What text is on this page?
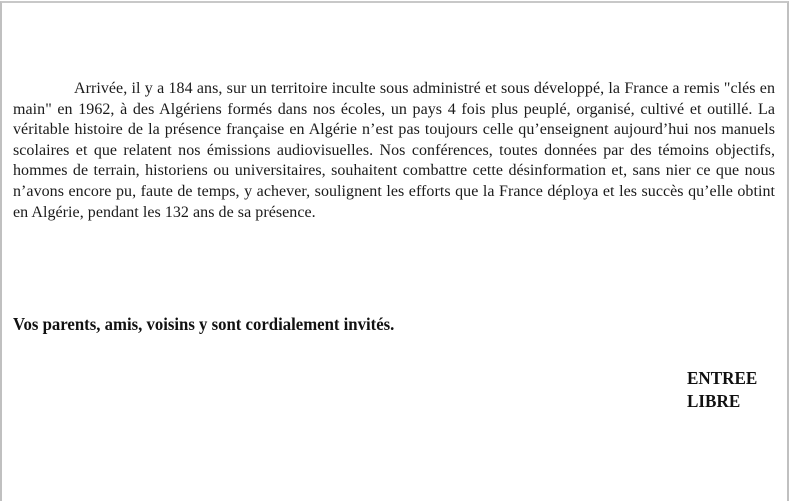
Arrivée, il y a 184 ans, sur un territoire inculte sous administré et sous développé, la France a remis "clés en main" en 1962, à des Algériens formés dans nos écoles, un pays 4 fois plus peuplé, organisé, cultivé et outillé. La véritable histoire de la présence française en Algérie n’est pas toujours celle qu’enseignent aujourd’hui nos manuels scolaires et que relatent nos émissions audiovisuelles. Nos conférences, toutes données par des témoins objectifs, hommes de terrain, historiens ou universitaires, souhaitent combattre cette désinformation et, sans nier ce que nous n’avons encore pu, faute de temps, y achever, soulignent les efforts que la France déploya et les succès qu’elle obtint en Algérie, pendant les 132 ans de sa présence.

Vos parents, amis, voisins y sont cordialement invités.

ENTREE
LIBRE
